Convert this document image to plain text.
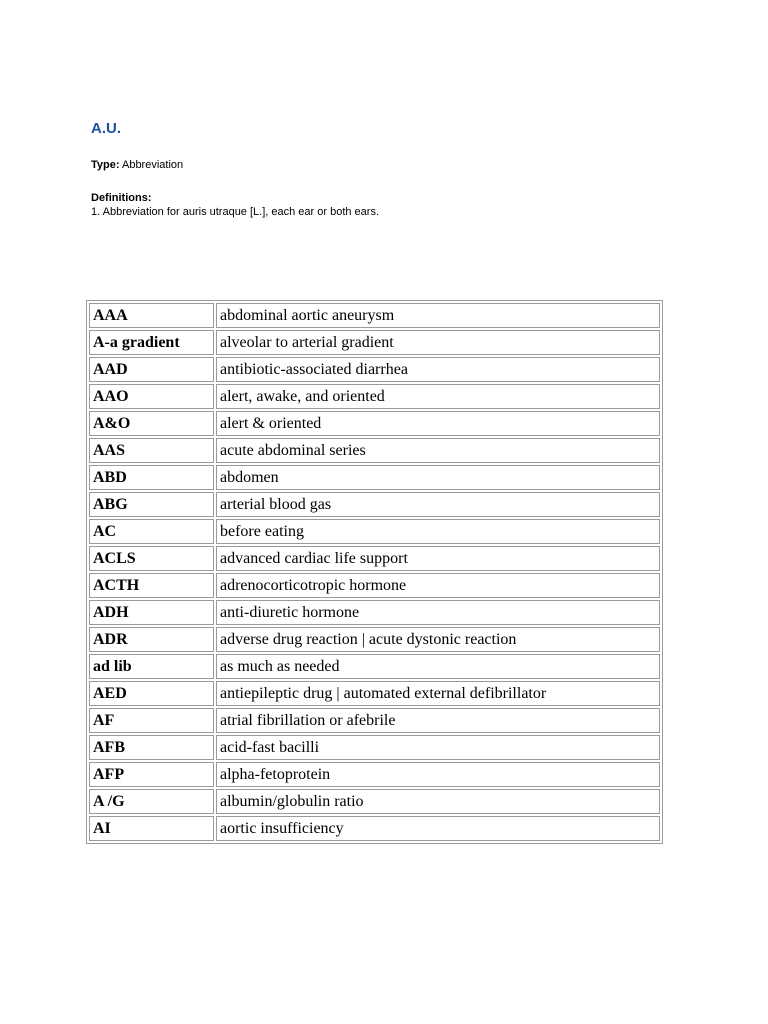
A.U.
Type: Abbreviation
Definitions:
1. Abbreviation for auris utraque [L.], each ear or both ears.
AAA	abdominal aortic aneurysm
A-a gradient	alveolar to arterial gradient
AAD	antibiotic-associated diarrhea
AAO	alert, awake, and oriented
A&O	alert & oriented
AAS	acute abdominal series
ABD	abdomen
ABG	arterial blood gas
AC	before eating
ACLS	advanced cardiac life support
ACTH	adrenocorticotropic hormone
ADH	anti-diuretic hormone
ADR	adverse drug reaction | acute dystonic reaction
ad lib	as much as needed
AED	antiepileptic drug | automated external defibrillator
AF	atrial fibrillation or afebrile
AFB	acid-fast bacilli
AFP	alpha-fetoprotein
A /G	albumin/globulin ratio
AI	aortic insufficiency
